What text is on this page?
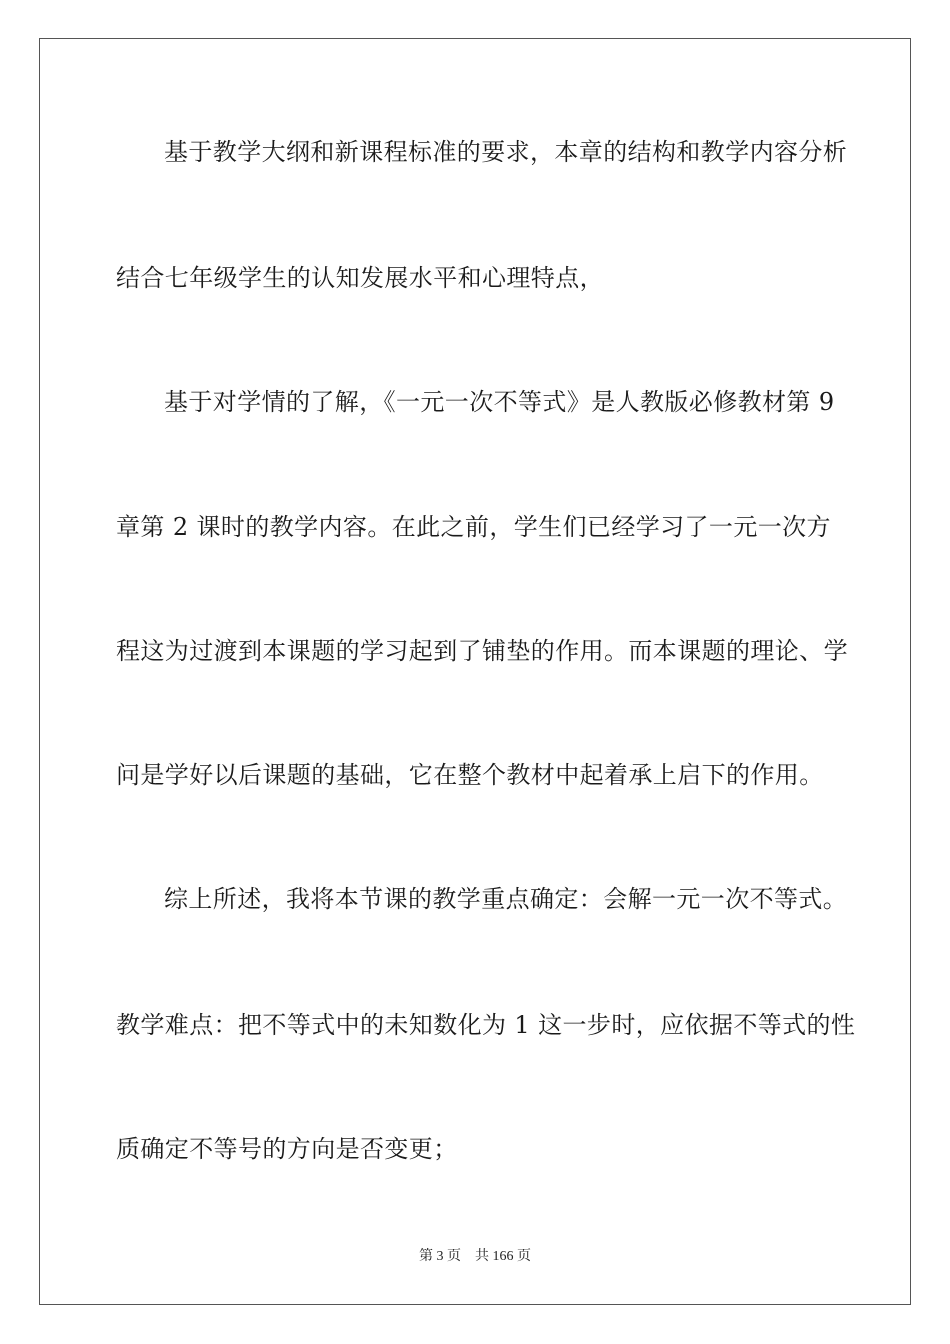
基于教学大纲和新课程标准的要求，本章的结构和教学内容分析
结合七年级学生的认知发展水平和心理特点，
基于对学情的了解，《一元一次不等式》是人教版必修教材第 9
章第 2 课时的教学内容。在此之前，学生们已经学习了一元一次方
程这为过渡到本课题的学习起到了铺垫的作用。而本课题的理论、学
问是学好以后课题的基础，它在整个教材中起着承上启下的作用。
综上所述，我将本节课的教学重点确定：会解一元一次不等式。
教学难点：把不等式中的未知数化为 1 这一步时，应依据不等式的性
质确定不等号的方向是否变更；
第 3 页 共 166 页
